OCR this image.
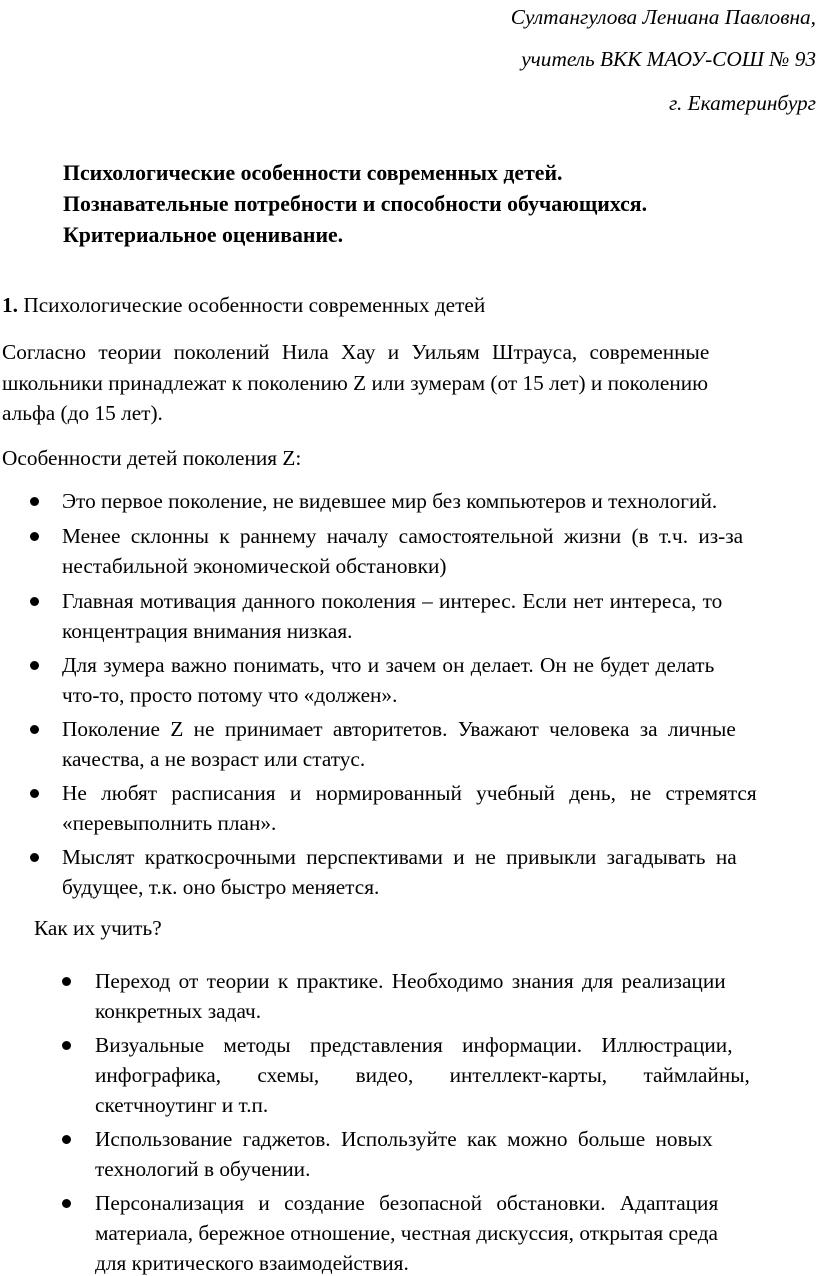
Султангулова Лениана Павловна,
учитель ВКК МАОУ-СОШ № 93
г. Екатеринбург
Психологические особенности современных детей.
Познавательные потребности и способности обучающихся.
Критериальное оценивание.
1. Психологические особенности современных детей
Согласно теории поколений Нила Хау и Уильям Штрауса, современные
школьники принадлежат к поколению Z или зумерам (от 15 лет) и поколению
альфа (до 15 лет).
Особенности детей поколения Z:
Это первое поколение, не видевшее мир без компьютеров и технологий.
Менее склонны к раннему началу самостоятельной жизни (в т.ч. из-за
нестабильной экономической обстановки)
Главная мотивация данного поколения – интерес. Если нет интереса, то
концентрация внимания низкая.
Для зумера важно понимать, что и зачем он делает. Он не будет делать
что-то, просто потому что «должен».
Поколение Z не принимает авторитетов. Уважают человека за личные
качества, а не возраст или статус.
Не любят расписания и нормированный учебный день, не стремятся
«перевыполнить план».
Мыслят краткосрочными перспективами и не привыкли загадывать на
будущее, т.к. оно быстро меняется.
Как их учить?
Переход от теории к практике. Необходимо знания для реализации
конкретных задач.
Визуальные методы представления информации. Иллюстрации,
инфографика, схемы, видео, интеллект-карты, таймлайны,
скетчноутинг и т.п.
Использование гаджетов. Используйте как можно больше новых
технологий в обучении.
Персонализация и создание безопасной обстановки. Адаптация
материала, бережное отношение, честная дискуссия, открытая среда
для критического взаимодействия.
